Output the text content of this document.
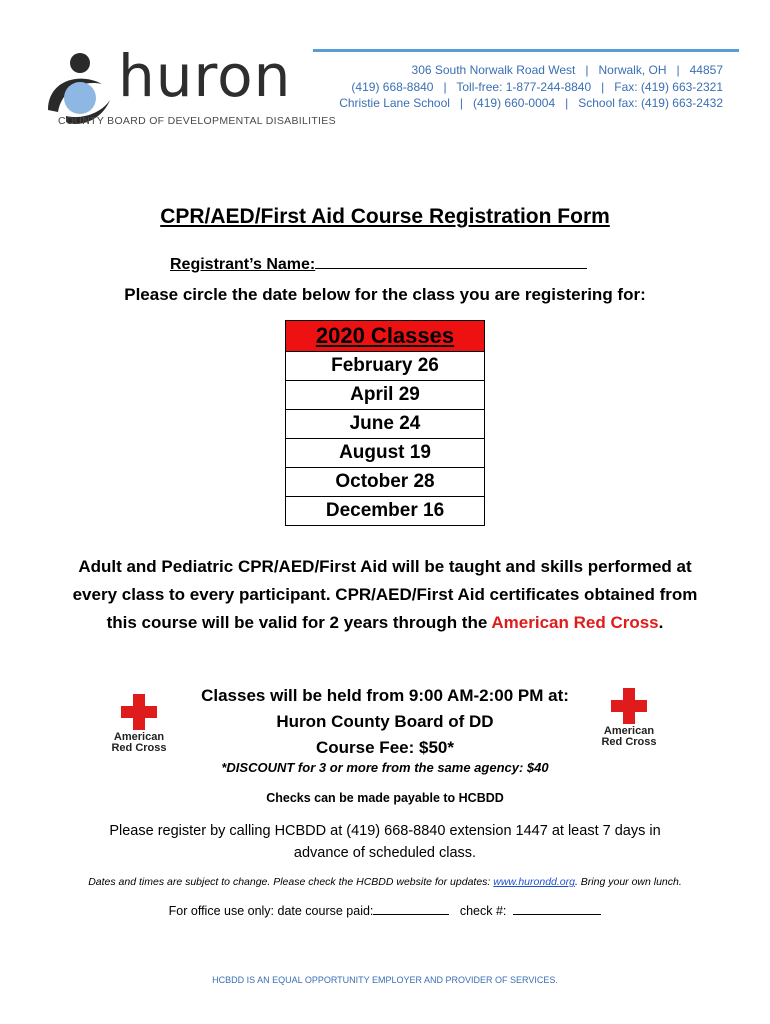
huron
COUNTY BOARD OF DEVELOPMENTAL DISABILITIES
306 South Norwalk Road West   |   Norwalk, OH   |   44857
(419) 668-8840   |   Toll-free: 1-877-244-8840   |   Fax: (419) 663-2321
Christie Lane School   |   (419) 660-0004   |   School fax: (419) 663-2432
CPR/AED/First Aid Course Registration Form
Registrant’s Name:
Please circle the date below for the class you are registering for:
2020 Classes
February 26
April 29
June 24
August 19
October 28
December 16
Adult and Pediatric CPR/AED/First Aid will be taught and skills performed at every class to every participant. CPR/AED/First Aid certificates obtained from this course will be valid for 2 years through the American Red Cross.
American
Red Cross
American
Red Cross
Classes will be held from 9:00 AM-2:00 PM at:
Huron County Board of DD
Course Fee: $50*
*DISCOUNT for 3 or more from the same agency: $40
Checks can be made payable to HCBDD
Please register by calling HCBDD at (419) 668-8840 extension 1447 at least 7 days in advance of scheduled class.
Dates and times are subject to change. Please check the HCBDD website for updates: www.hurondd.org. Bring your own lunch.
For office use only: date course paid:	check #:
HCBDD IS AN EQUAL OPPORTUNITY EMPLOYER AND PROVIDER OF SERVICES.
